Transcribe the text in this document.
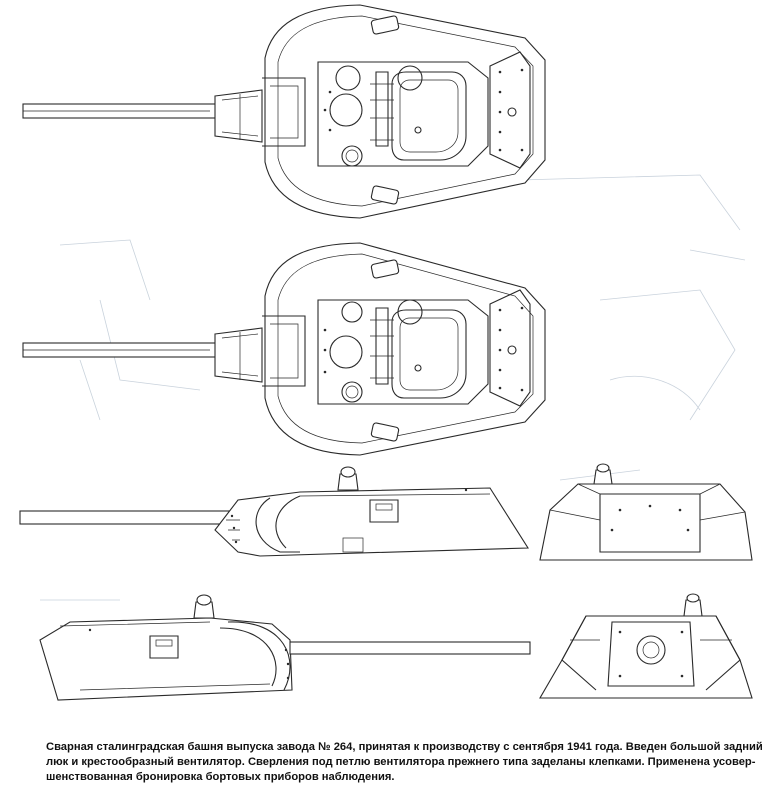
Сварная сталинградская башня выпуска завода № 264, принятая к производству с сентября 1941 года. Введен большой задний
люк и крестообразный вентилятор. Сверления под петлю вентилятора прежнего типа заделаны клепками. Применена усовер-
шенствованная бронировка бортовых приборов наблюдения.
